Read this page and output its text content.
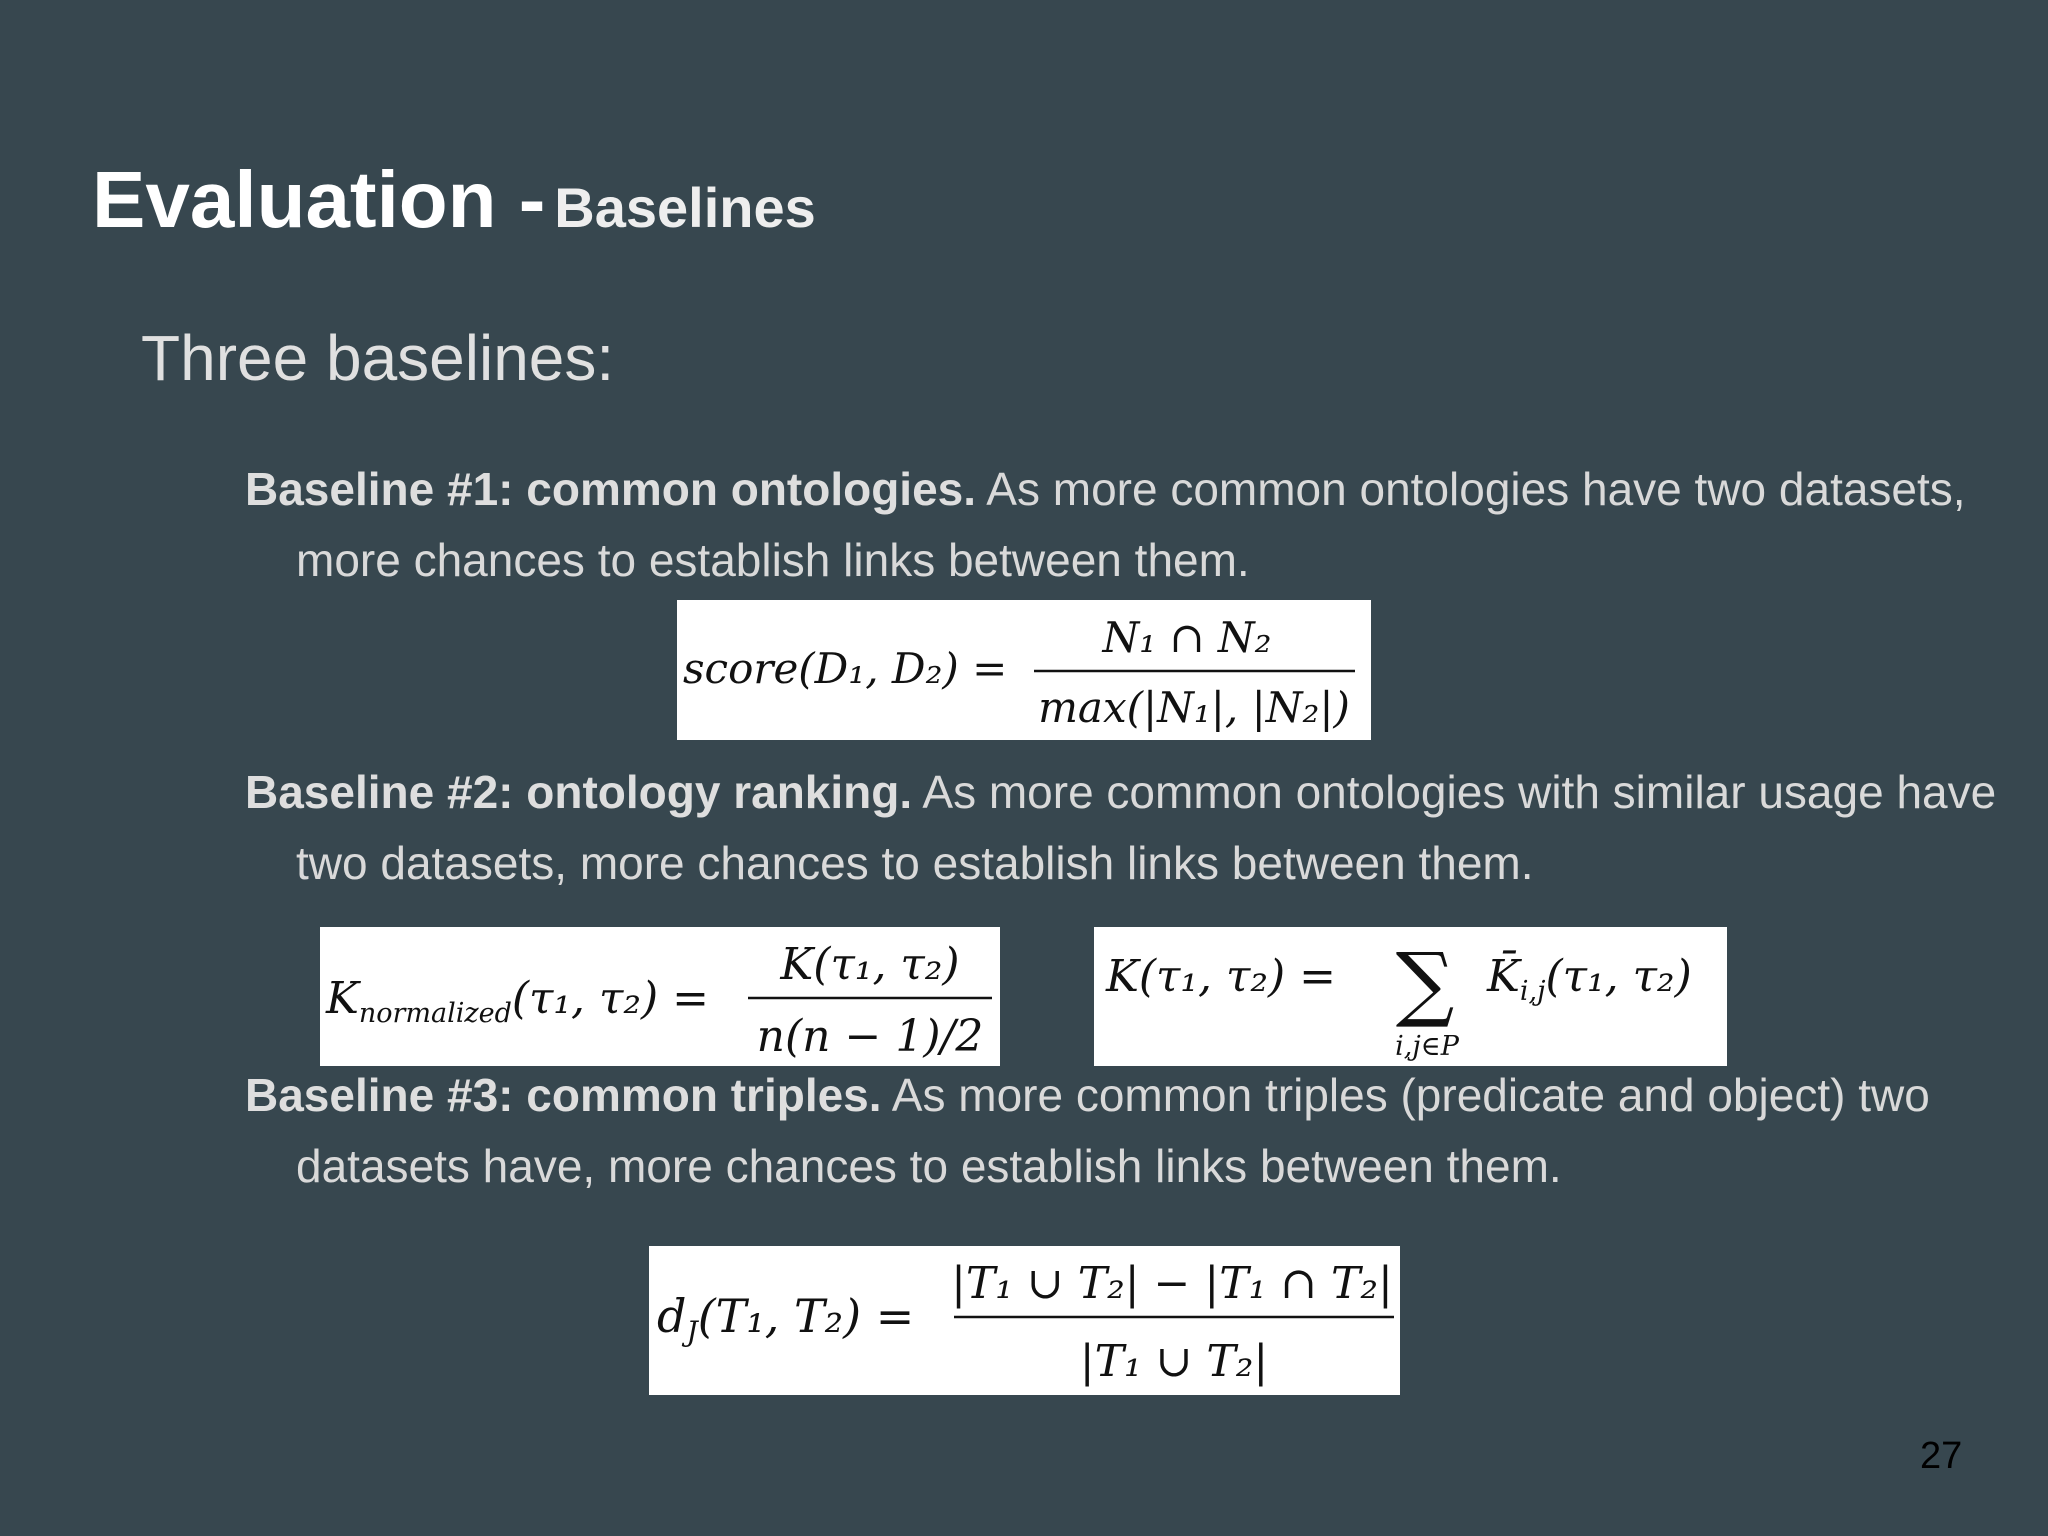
Evaluation - Baselines

Three baselines:

Baseline #1: common ontologies. As more common ontologies have two datasets, more chances to establish links between them.

score(D₁, D₂) =
N₁ ∩ N₂
max(|N₁|, |N₂|)

Baseline #2: ontology ranking. As more common ontologies with similar usage have two datasets, more chances to establish links between them.

$K_{normalized}(\tau_1$, τ₂) =
K(τ₁, τ₂)
n(n − 1)/2
K(τ₁, τ₂) = ∑
i,j∈P
$K̄_{i,j}(\tau_1$, τ₂)

Baseline #3: common triples. As more common triples (predicate and object) two datasets have, more chances to establish links between them.

dJ(T₁, T₂) =
|T₁ ∪ T₂| − |T₁ ∩ T₂|
|T₁ ∪ T₂|
27
